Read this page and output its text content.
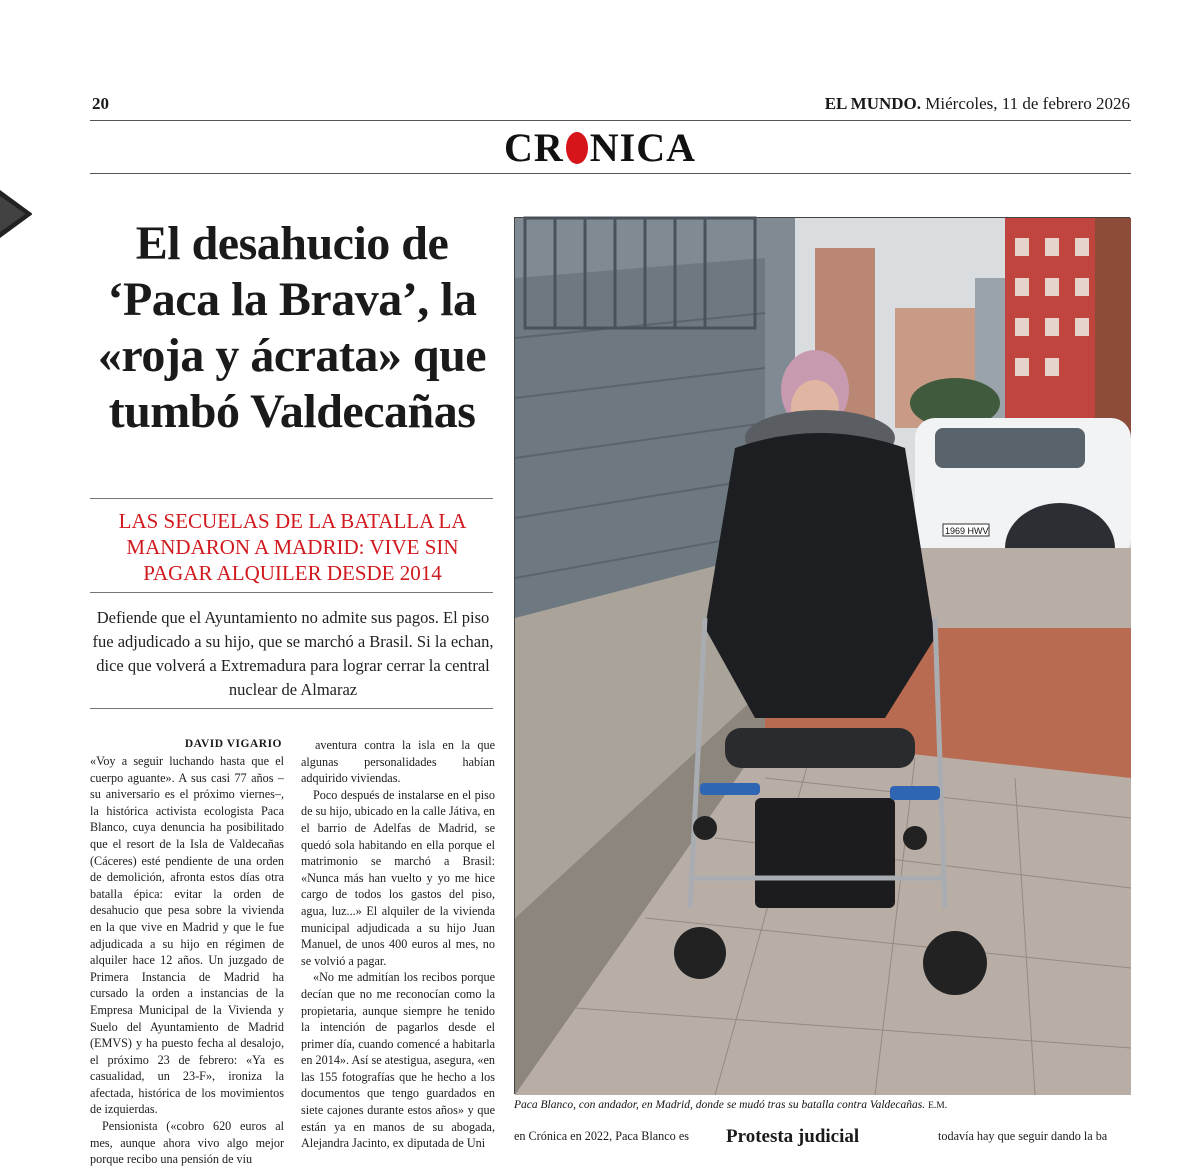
20	EL MUNDO. Miércoles, 11 de febrero 2026
CR NICA
El desahucio de ‘Paca la Brava’, la «roja y ácrata» que tumbó Valdecañas
LAS SECUELAS DE LA BATALLA LA MANDARON A MADRID: VIVE SIN PAGAR ALQUILER DESDE 2014
Defiende que el Ayuntamiento no admite sus pagos. El piso fue adjudicado a su hijo, que se marchó a Brasil. Si la echan, dice que volverá a Extremadura para lograr cerrar la central nuclear de Almaraz
DAVID VIGARIO

«Voy a seguir luchando hasta que el cuerpo aguante». A sus casi 77 años –su aniversario es el próximo viernes–, la histórica activista ecologista Paca Blanco, cuya denuncia ha posibilitado que el resort de la Isla de Valdecañas (Cáceres) esté pendiente de una orden de demolición, afronta estos días otra batalla épica: evitar la orden de desahucio que pesa sobre la vivienda en la que vive en Madrid y que le fue adjudicada a su hijo en régimen de alquiler hace 12 años. Un juzgado de Primera Instancia de Madrid ha cursado la orden a instancias de la Empresa Municipal de la Vivienda y Suelo del Ayuntamiento de Madrid (EMVS) y ha puesto fecha al desalojo, el próximo 23 de febrero: «Ya es casualidad, un 23-F», ironiza la afectada, histórica de los movimientos de izquierdas.

Pensionista («cobro 620 euros al mes, aunque ahora vivo algo mejor porque recibo una pensión de viu

aventura contra la isla en la que algunas personalidades habían adquirido viviendas.

Poco después de instalarse en el piso de su hijo, ubicado en la calle Játiva, en el barrio de Adelfas de Madrid, se quedó sola habitando en ella porque el matrimonio se marchó a Brasil: «Nunca más han vuelto y yo me hice cargo de todos los gastos del piso, agua, luz...» El alquiler de la vivienda municipal adjudicada a su hijo Juan Manuel, de unos 400 euros al mes, no se volvió a pagar.

«No me admitían los recibos porque decían que no me reconocían como la propietaria, aunque siempre he tenido la intención de pagarlos desde el primer día, cuando comencé a habitarla en 2014». Así se atestigua, asegura, «en las 155 fotografías que he hecho a los documentos que tengo guardados en siete cajones durante estos años» y que están ya en manos de su abogada, Alejandra Jacinto, ex diputada de Uni

1969 HWV
Paca Blanco, con andador, en Madrid, donde se mudó tras su batalla contra Valdecañas. E.M.
en Crónica en 2022, Paca Blanco es Protesta judicial	todavía hay que seguir dando la ba
